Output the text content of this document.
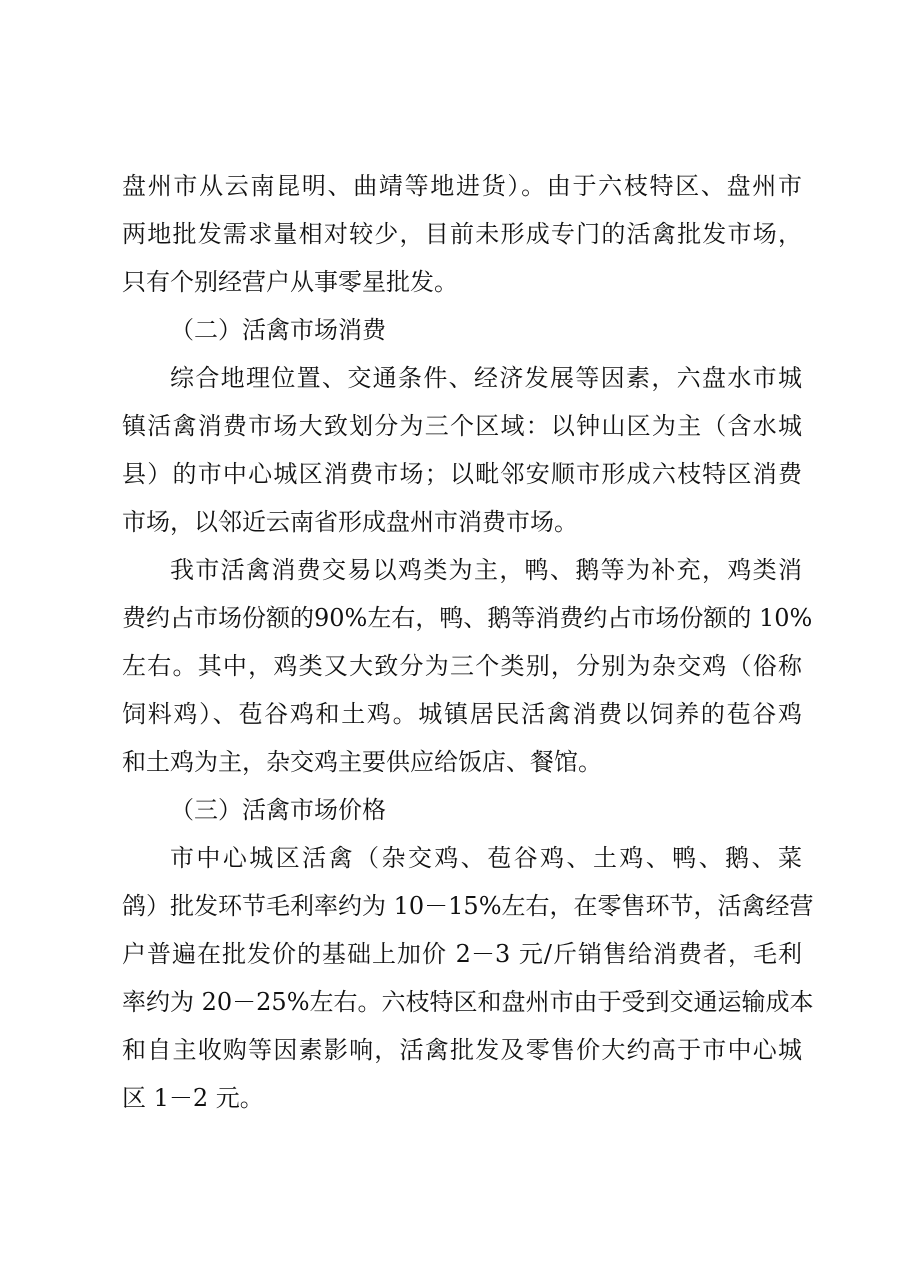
盘州市从云南昆明、曲靖等地进货）。由于六枝特区、盘州市
两地批发需求量相对较少，目前未形成专门的活禽批发市场，
只有个别经营户从事零星批发。
（二）活禽市场消费
综合地理位置、交通条件、经济发展等因素，六盘水市城
镇活禽消费市场大致划分为三个区域：以钟山区为主（含水城
县）的市中心城区消费市场；以毗邻安顺市形成六枝特区消费
市场，以邻近云南省形成盘州市消费市场。
我市活禽消费交易以鸡类为主，鸭、鹅等为补充，鸡类消
费约占市场份额的90%左右，鸭、鹅等消费约占市场份额的 10%
左右。其中，鸡类又大致分为三个类别，分别为杂交鸡（俗称
饲料鸡）、苞谷鸡和土鸡。城镇居民活禽消费以饲养的苞谷鸡
和土鸡为主，杂交鸡主要供应给饭店、餐馆。
（三）活禽市场价格
市中心城区活禽（杂交鸡、苞谷鸡、土鸡、鸭、鹅、菜
鸽）批发环节毛利率约为 10－15%左右，在零售环节，活禽经营
户普遍在批发价的基础上加价 2－3 元/斤销售给消费者，毛利
率约为 20－25%左右。六枝特区和盘州市由于受到交通运输成本
和自主收购等因素影响，活禽批发及零售价大约高于市中心城
区 1－2 元。
